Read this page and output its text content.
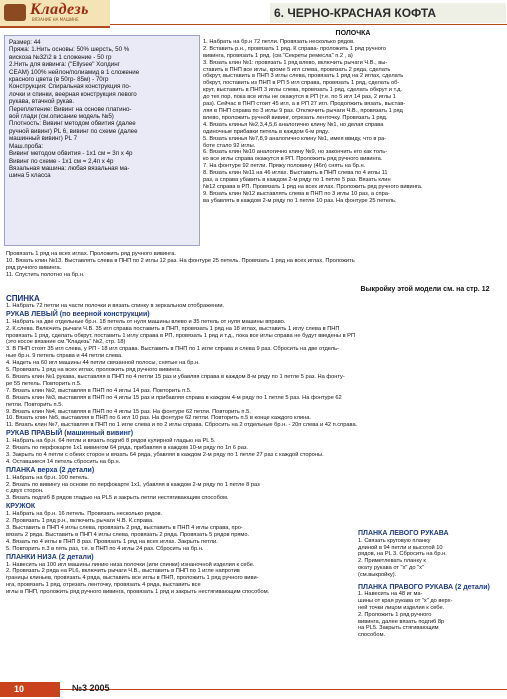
Кладезь
ВЯЗАНИЕ НА МАШИНЕ	6. ЧЕРНО-КРАСНАЯ КОФТА

Размер: 44

Пряжа: 1.Нить основы: 50% шерсть, 50 %

вискоза №32\2 в 1 сложение - 50 гр

2.Нить для вивинга: ("Ellysee" Холдинг

СЕАМ) 100% нейлон/полиамид в 1 сложение

красного цвета (в 50гр- 85м) - 70гр

Конструкция: Спиральная конструкция по-

лочки и спинки, веерная конструкция левого

рукава, втачной рукав.

Переплетение: Вивинг на основе платино-

вой глади (см.описание модель №5)

Плотность: Вивинг методом обвития (далее

ручной вивинг) PL 6, вивинг по схеме (далее

машинный вивинг) PL 7

Маш.проба:

Вивинг методом обвития - 1х1 см = 3п х 4р

Вивинг по схеме - 1х1 см = 2,4п х 4р

Вязальная машина: любая вязальная ма-

шина 5 класса

ПОЛОЧКА

1. Набрать на бр.н 72 петли. Провязать несколько рядов.

2. Вставить р.н., провязать 1 ряд. К справа- проложить 1 ряд ручного

вивинга, провязать 1 ряд. (см."Секреты ремесла" п.2 , а)

3. Вязать клин №1: провязать 1 ряд влево, включить рычаги Ч.В., вы-

ставить в ПНП все иглы, кроме 5 игл слева, провязать 2 ряда, сделать

обкрут, выставить в ПНП 3 иглы слева, провязать 1 ряд на 2 иглах, сделать

обкрут, поставить из ПНП в РП 5 игл справа, провязать 1 ряд, сделать об-

крут, выставить в ПНП 3 иглы слева, провязать 1 ряд, сделать обкрут и т.д.

до тех пор, пока все иглы не окажутся в РП (т.е. по 5 игл 14 раз, 2 иглы 1

раз). Сейчас в ПНП стоит 45 игл, а в РП 27 игл. Продолжить вязать, выстав-

ляя в ПНП справа по 3 иглы 9 раз. Отключить рычаги Ч.В., провязать 1 ряд

влево, проложить ручной вивинг, отрезать ленточку. Провязать 1 ряд.

4. Вязать клинья №2,3,4,5,6 аналогично клину №1, но делая справа

одиночные прибавки петель в каждом 6-м ряду.

5. Вязать клинья №7,8,9 аналогично клину №1, имея ввиду, что в ра-

боте стало 92 иглы.

6. Вязать клин №10 аналогично клину №9, но закончить его как толь-

ко все иглы справа окажутся в РП. Проложить ряд ручного вивинга.

7. На фонтуре 92 петли. Пряжу половину (46п) снять на бр.н.

8. Вязать клин №11 на 46 иглах. Выставить в ПНП слева по 4 иглы 11

раз, а справа убавить в каждом 2-м ряду по 1 петле 5 раз. Вязать клин

№12 справа в РП. Провязать 1 ряд на всех иглах. Проложить ряд ручного вивинга.

9. Вязать клин №12 выставлять слева в ПНП по 3 иглы 10 раз, а спра-

ва убавлять в каждом 2-м ряду по 1 петле 10 раз. На фонтуре 25 петель.

Провязать 1 ряд на всех иглах. Проложить ряд ручного вивинга.

10. Вязать клин №13. Выставлять слева в ПНП по 2 иглы 12 раз. На фонтуре 25 петель. Провязать 1 ряд на всех иглах. Проложить

ряд ручного вивинга.

11. Спустить полотно на бр.н.

Выкройку этой модели см. на стр. 12

СПИНКА

1. Набрать 72 петли на части полочки и вязать спинку в зеркальном отображении.

РУКАВ ЛЕВЫЙ (по веерной конструкции)

1. Набрать на две отдельные бр.н. 18 петель от нуля машины влево и 35 петель от нуля машины вправо.

2. К.слева. Включить рычаги Ч.В. 35 игл справа поставить в ПНП, провязать 1 ряд на 18 иглах, выставить 1 иглу слева в ПНП

провязать 1 ряд, сделать обкрут, поставить 1 иглу справа в РП, провязать 1 ряд и т.д., пока все иглы справа не будут введены в РП

(это косое вязание см."Кладезь" №2, стр. 18)

3. В ПНП стоят 35 игл слева, у РП - 18 игл справа. Выставить в ПНП по 1 игле справа и слева 9 раз. Сбросить на две отдель-

ные бр.н. 9 петель справа и 44 петли слева.

4. Надеть на 60 игл машины 44 петли связанной полосы, снятые на бр.н.

5. Провязать 1 ряд на всех иглах, проложить ряд ручного вивинга.

6. Вязать клин №1 рукава, выставляя в ПНП по 4 петли 15 раз и убавляя справа в каждом 8-м ряду по 1 петле 5 раз. На фонту-

ре 55 петель. Повторить п.5.

7. Вязать клин №2, выставляя в ПНП по 4 иглы 14 раз. Повторить п.5.

8. Вязать клин №3, выставляя в ПНП по 4 иглы 15 раз и прибавляя справа в каждом 4-м ряду по 1 петле 5 раз. На фонтуре 62

петли. Повторить п.5.

9. Вязать клин №4, выставляя в ПНП по 4 иглы 15 раз. На фонтуре 62 петли. Повторить п.5.

10. Вязать клин №5, выставляя в ПНП по 6 игл 10 раз. На фонтуре 62 петли. Повторить п.5 в конце каждого клина.

11. Вязать клин №7, выставляя в ПНП по 1 игле слева и по 2 иглы справа. Сбросить на 2 отдельные бр.н. - 20п слева и 42 п.справа.

РУКАВ ПРАВЫЙ (машинный вивинг)

1. Набрать на бр.н. 64 петли и вязать подгиб 8 рядов кулирной гладью на PL 5.

2. Вязать по перфокарте 1х1 вивингом 64 ряда, прибавляя в каждом 10-м ряду по 1п 6 раз.

3. Закрыть по 4 петли с обеих сторон и вязать 64 ряда, убавляя в каждом 2-м ряду по 1 петле 27 раз с каждой стороны.

4. Оставшиеся 14 петель сбросить на бр.н.

ПЛАНКА верха (2 детали)

1. Набрать на бр.н. 100 петель.

2. Вязать по вивингу на основе по перфокарте 1х1, убавляя в каждом 2-м ряду по 1 петле 8 раз

с двух сторон.

3. Вязать подгиб 8 рядов гладью на PL5 и закрыть петли нестягивающим способом.

КРУЖОК

1. Набрать на бр.н. 16 петель. Провязать несколько рядов.

2. Провязать 1 ряд р.н., включить рычаги Ч.В. К.справа.

3. Выставить в ПНП 4 иглы слева, провязать 2 ряд, выставить в ПНП 4 иглы справа, про-

вязать 2 ряда. Выставить в ПНП 4 иглы слева, провязать 2 ряда. Провязать 5 рядов прямо.

4. Вязать по 4 иглы в ПНП 8 раз. Провязать 1 ряд на всех иглах. Закрыть петли.

5. Повторить п.3 в пять раз, т.е. в ПНП по 4 иглы 24 раз. Сбросить на бр.н.

ПЛАНКИ НИЗА (2 детали)

1. Навесить на 100 игл машины линию низа полочки (или спинки) изнаночной изделия к себе.

2. Провязать 2 ряда на PL6, включить рычаги Ч.В., выставить в ПНП по 1 игле напротив

границы клиньев, провязать 4 ряда, выставить все иглы в ПНП, проложить 1 ряд ручного виви-

нга, провязать 1 ряд, отрезать ленточку, провязать 4 ряда, выставить все

иглы в ПНП, проложить ряд ручного вивинга, провязать 1 ряд и закрыть нестягивающим способом.

ПЛАНКА ЛЕВОГО РУКАВА

1. Связать круговую планку

длиной в 94 петли и высотой 10

рядов, на PL 3. Сбросить на бр.н.

2. Приметлевать планку к

окату рукава от "х" до "х"

(см.выкройку).

ПЛАНКА ПРАВОГО РУКАВА (2 детали)

1. Навесить на 48 иг ма-

шины от края рукава от "х" до верх-

ней точки лицом изделия к себе.

2. Проложить 1 ряд ручного

вивинга, далее вязать подгиб 8р

на PL5. Закрыть стягивающим

способом.

10	№3 2005
